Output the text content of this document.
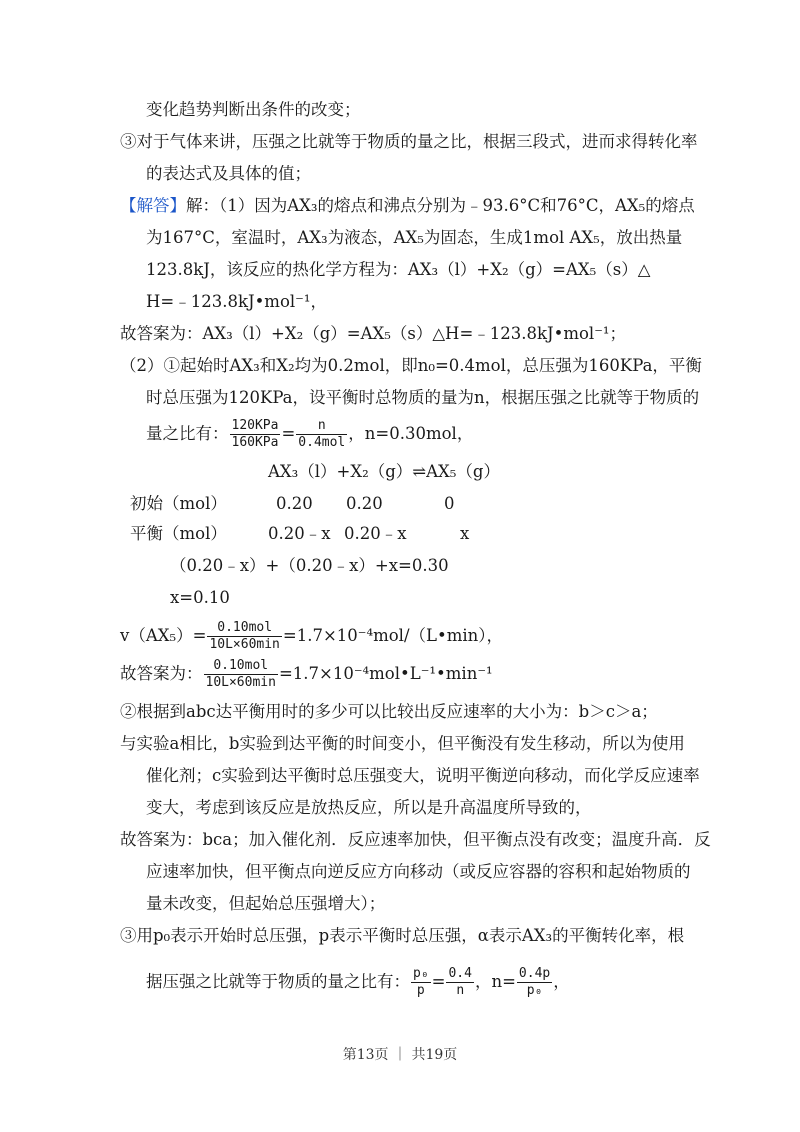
变化趋势判断出条件的改变；
③对于气体来讲，压强之比就等于物质的量之比，根据三段式，进而求得转化率
的表达式及具体的值；
【解答】解：（1）因为AX₃的熔点和沸点分别为﹣93.6°C和76°C，AX₅的熔点
为167°C，室温时，AX₃为液态，AX₅为固态，生成1mol AX₅，放出热量
123.8kJ，该反应的热化学方程为：AX₃（l）+X₂（g）=AX₅（s）△
H=﹣123.8kJ•mol⁻¹，
故答案为：AX₃（l）+X₂（g）=AX₅（s）△H=﹣123.8kJ•mol⁻¹；
（2）①起始时AX₃和X₂均为0.2mol，即n₀=0.4mol，总压强为160KPa，平衡
时总压强为120KPa，设平衡时总物质的量为n，根据压强之比就等于物质的
量之比有： $\frac{\text{120KPa}}{\text{160KPa}} = \frac{n}{\text{0.4mol}}$ ，n=0.30mol，
AX₃（l）+X₂（g）⇌AX₅（g）
初始（mol）	0.20 0.20	0
平衡（mol） 0.20﹣x 0.20﹣x	x
（0.20﹣x）+（0.20﹣x）+x=0.30
x=0.10
$v(AX_5)= \frac{\text{0.10mol}}{10L\times 60\min}$ =1.7×10⁻⁴mol/（L•min），
故答案为： $\frac{\text{0.10mol}}{10L\times 60\min}$ =1.7×10⁻⁴mol•L⁻¹•min⁻¹
②根据到abc达平衡用时的多少可以比较出反应速率的大小为：b＞c＞a；
与实验a相比，b实验到达平衡的时间变小，但平衡没有发生移动，所以为使用
催化剂；c实验到达平衡时总压强变大，说明平衡逆向移动，而化学反应速率
变大，考虑到该反应是放热反应，所以是升高温度所导致的，
故答案为：bca；加入催化剂．反应速率加快，但平衡点没有改变；温度升高．反
应速率加快，但平衡点向逆反应方向移动（或反应容器的容积和起始物质的
量未改变，但起始总压强增大）；
③用p₀表示开始时总压强，p表示平衡时总压强，α表示AX₃的平衡转化率，根
据压强之比就等于物质的量之比有： $\frac{\text{p₀}}{p} = \frac{0.4}{n}$ ，$n= \frac{0.4p}{\text{p₀}}$ ，
第13页 ｜ 共19页
